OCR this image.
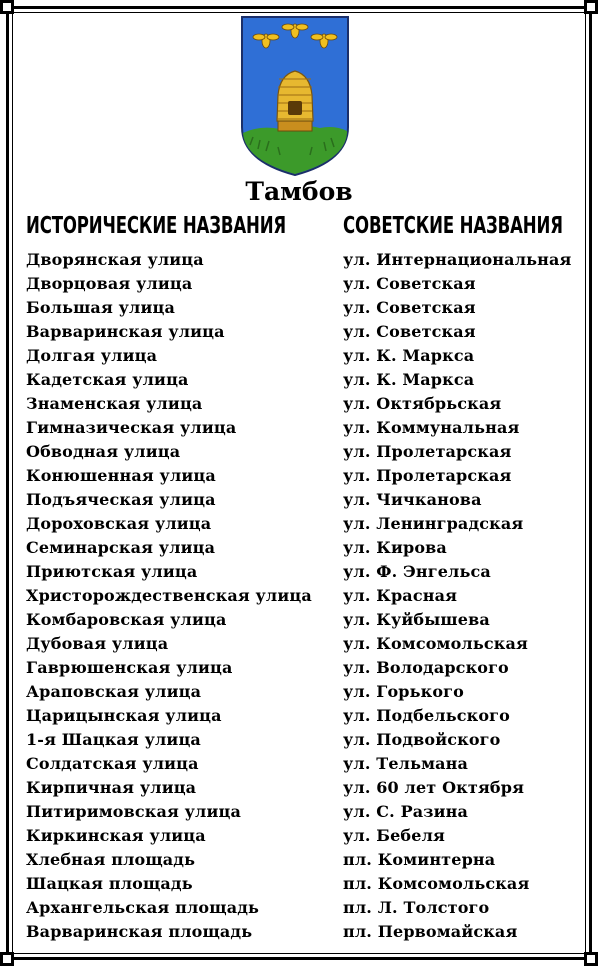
Тамбов
ИСТОРИЧЕСКИЕ НАЗВАНИЯ СОВЕТСКИЕ НАЗВАНИЯ
Дворянская улица
Дворцовая улица
Большая улица
Варваринская улица
Долгая улица
Кадетская улица
Знаменская улица
Гимназическая улица
Обводная улица
Конюшенная улица
Подъяческая улица
Дороховская улица
Семинарская улица
Приютская улица
Христорождественская улица
Комбаровская улица
Дубовая улица
Гаврюшенская улица
Араповская улица
Царицынская улица
1-я Шацкая улица
Солдатская улица
Кирпичная улица
Питиримовская улица
Киркинская улица
Хлебная площадь
Шацкая площадь
Архангельская площадь
Варваринская площадь
ул. Интернациональная
ул. Советская
ул. Советская
ул. Советская
ул. К. Маркса
ул. К. Маркса
ул. Октябрьская
ул. Коммунальная
ул. Пролетарская
ул. Пролетарская
ул. Чичканова
ул. Ленинградская
ул. Кирова
ул. Ф. Энгельса
ул. Красная
ул. Куйбышева
ул. Комсомольская
ул. Володарского
ул. Горького
ул. Подбельского
ул. Подвойского
ул. Тельмана
ул. 60 лет Октября
ул. С. Разина
ул. Бебеля
пл. Коминтерна
пл. Комсомольская
пл. Л. Толстого
пл. Первомайская
